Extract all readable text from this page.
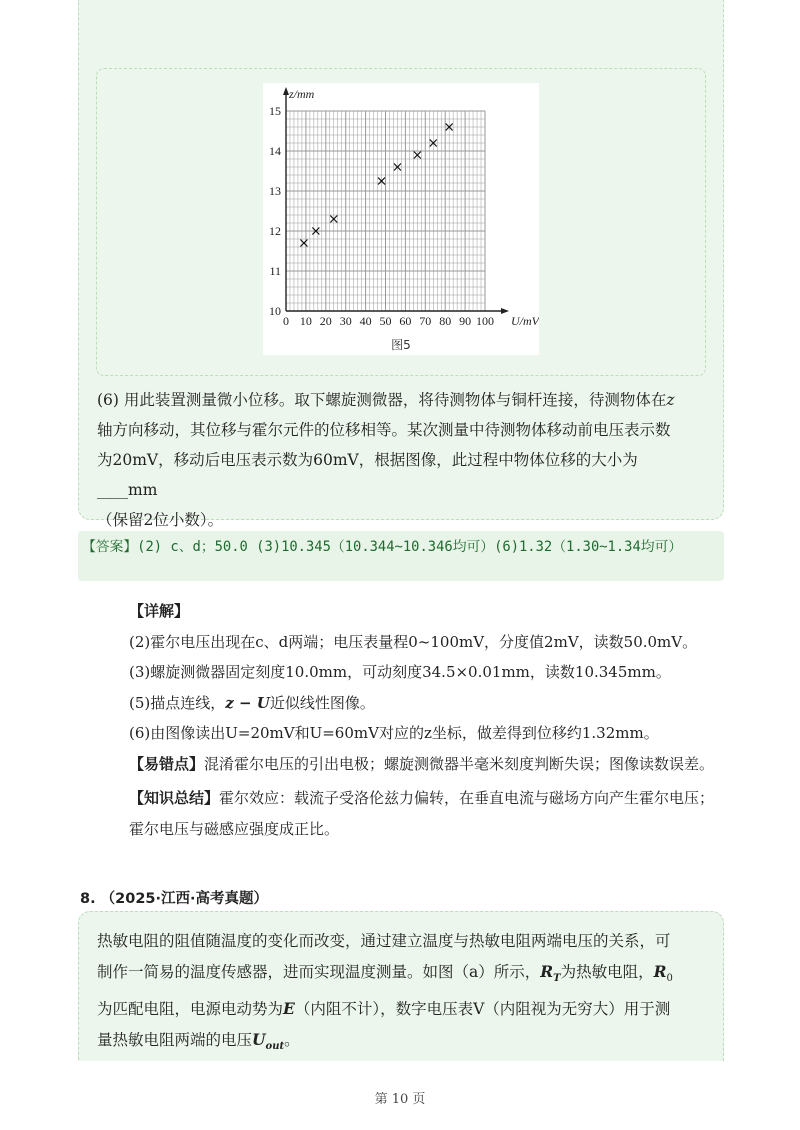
0 10 20 30 40 50 60 70 80 90 100
10
11
12
13
14
15
z/mm
U/mV
图5
(6) 用此装置测量微小位移。取下螺旋测微器，将待测物体与铜杆连接，待测物体在z
轴方向移动，其位移与霍尔元件的位移相等。某次测量中待测物体移动前电压表示数
为20mV，移动后电压表示数为60mV，根据图像，此过程中物体位移的大小为____mm
（保留2位小数）。
【答案】(2) c、d；50.0 (3)10.345（10.344~10.346均可）(6)1.32（1.30~1.34均可）

【详解】

(2)霍尔电压出现在c、d两端；电压表量程0~100mV，分度值2mV，读数50.0mV。

(3)螺旋测微器固定刻度10.0mm，可动刻度34.5×0.01mm，读数10.345mm。

(5)描点连线，z − U近似线性图像。

(6)由图像读出U=20mV和U=60mV对应的z坐标，做差得到位移约1.32mm。

【易错点】混淆霍尔电压的引出电极；螺旋测微器半毫米刻度判断失误；图像读数误差。

【知识总结】霍尔效应：载流子受洛伦兹力偏转，在垂直电流与磁场方向产生霍尔电压；霍尔电压与磁感应强度成正比。

8. （2025·江西·高考真题）
热敏电阻的阻值随温度的变化而改变，通过建立温度与热敏电阻两端电压的关系，可
制作一简易的温度传感器，进而实现温度测量。如图（a）所示，$R_T$为热敏电阻，$R_0$
为匹配电阻，电源电动势为E（内阻不计），数字电压表V（内阻视为无穷大）用于测
量热敏电阻两端的电压$U_{out}$。
第 10 页
